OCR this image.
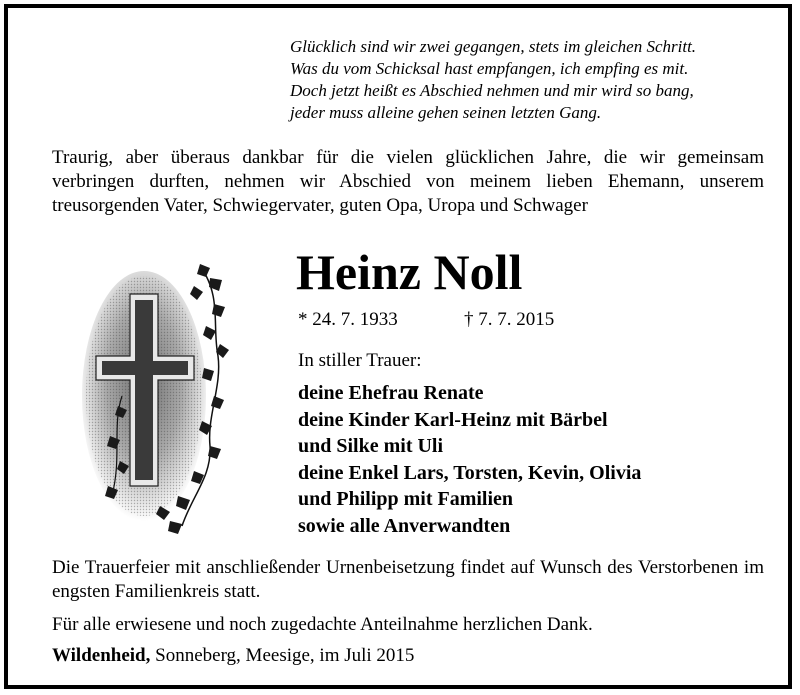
Glücklich sind wir zwei gegangen, stets im gleichen Schritt.
Was du vom Schicksal hast empfangen, ich empfing es mit.
Doch jetzt heißt es Abschied nehmen und mir wird so bang,
jeder muss alleine gehen seinen letzten Gang.
Traurig, aber überaus dankbar für die vielen glücklichen Jahre, die wir gemeinsam verbringen durften, nehmen wir Abschied von meinem lieben Ehemann, unserem treusorgenden Vater, Schwiegervater, guten Opa, Uropa und Schwager
Heinz Noll
* 24. 7. 1933	† 7. 7. 2015
In stiller Trauer:
deine Ehefrau Renate
deine Kinder Karl-Heinz mit Bärbel
und Silke mit Uli
deine Enkel Lars, Torsten, Kevin, Olivia
und Philipp mit Familien
sowie alle Anverwandten
Die Trauerfeier mit anschließender Urnenbeisetzung findet auf Wunsch des Verstorbenen im engsten Familienkreis statt.
Für alle erwiesene und noch zugedachte Anteilnahme herzlichen Dank.
Wildenheid, Sonneberg, Meesige, im Juli 2015
